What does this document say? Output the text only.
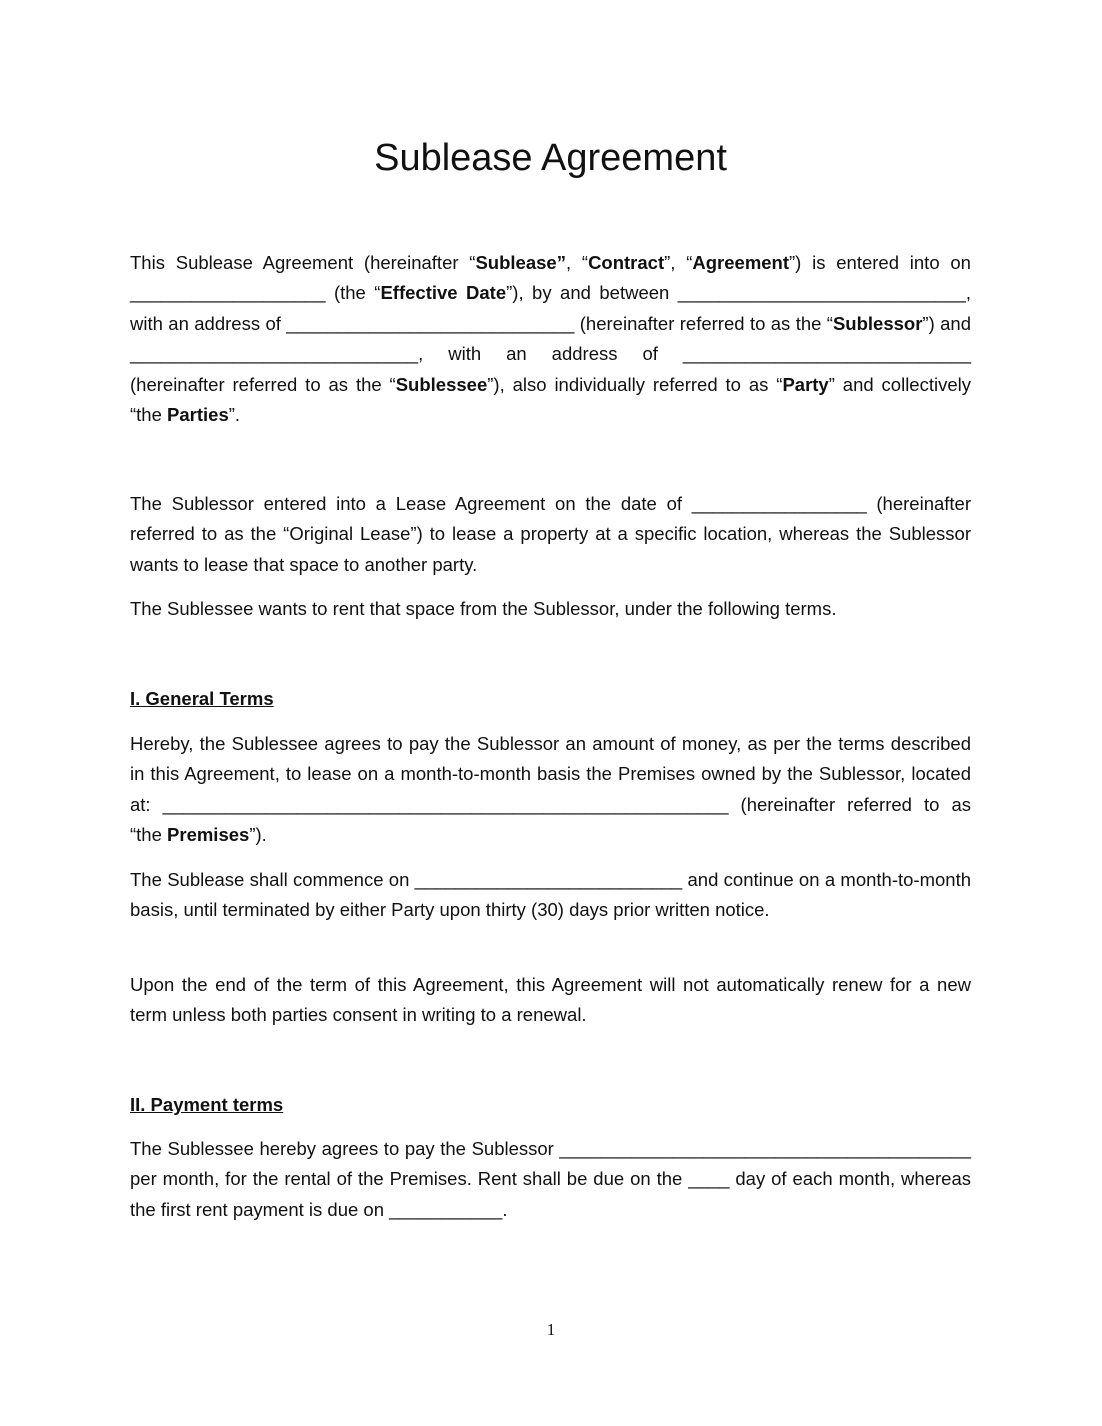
Sublease Agreement

This Sublease Agreement (hereinafter “Sublease”, “Contract”, “Agreement”) is entered into on ___________________ (the “Effective Date”), by and between ____________________________, with an address of ____________________________ (hereinafter referred to as the “Sublessor”) and ____________________________, with an address of ____________________________ (hereinafter referred to as the “Sublessee”), also individually referred to as “Party” and collectively “the Parties”.

The Sublessor entered into a Lease Agreement on the date of _________________ (hereinafter referred to as the “Original Lease”) to lease a property at a specific location, whereas the Sublessor wants to lease that space to another party.

The Sublessee wants to rent that space from the Sublessor, under the following terms.

I. General Terms

Hereby, the Sublessee agrees to pay the Sublessor an amount of money, as per the terms described in this Agreement, to lease on a month-to-month basis the Premises owned by the Sublessor, located at: _______________________________________________________ (hereinafter referred to as “the Premises”).

The Sublease shall commence on __________________________ and continue on a month-to-month basis, until terminated by either Party upon thirty (30) days prior written notice.

Upon the end of the term of this Agreement, this Agreement will not automatically renew for a new term unless both parties consent in writing to a renewal.

II. Payment terms

The Sublessee hereby agrees to pay the Sublessor ________________________________________ per month, for the rental of the Premises. Rent shall be due on the ____ day of each month, whereas the first rent payment is due on ___________.

1
